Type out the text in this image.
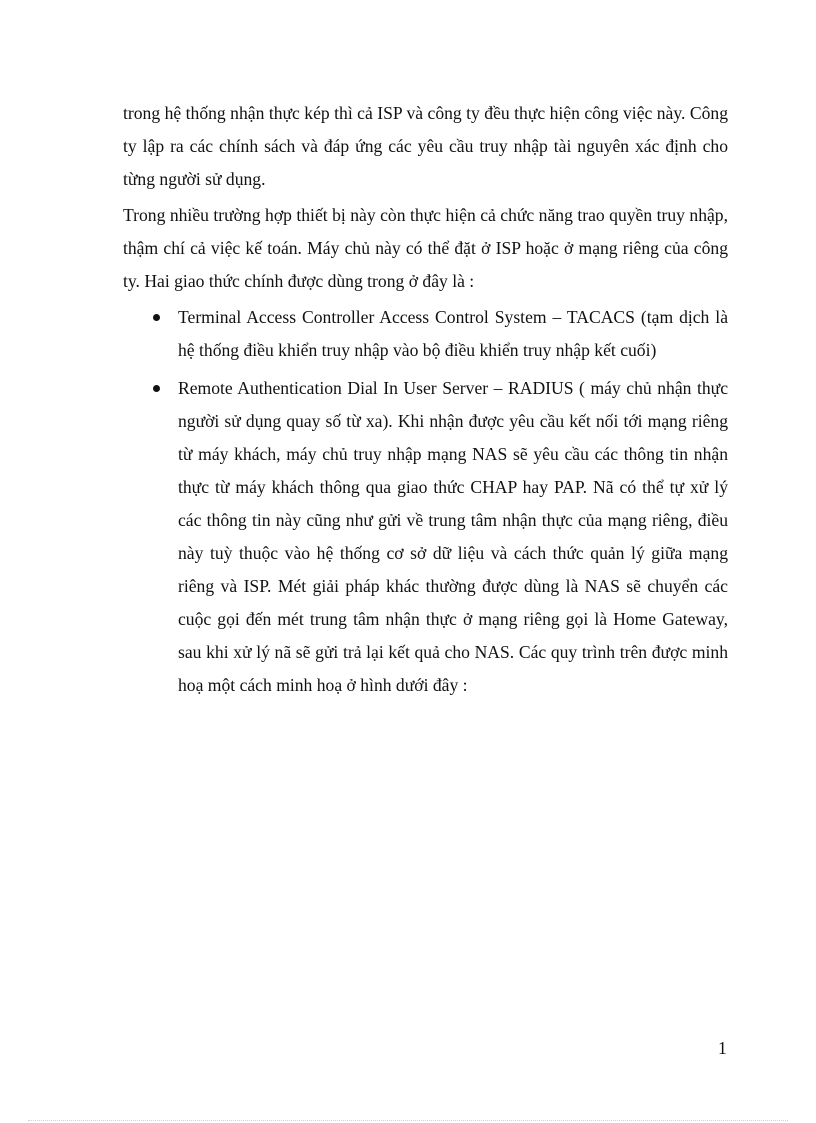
trong hệ thống nhận thực kép thì cả ISP và công ty đều thực hiện công việc này. Công ty lập ra các chính sách và đáp ứng các yêu cầu truy nhập tài nguyên xác định cho từng người sử dụng.

Trong nhiều trường hợp thiết bị này còn thực hiện cả chức năng trao quyền truy nhập, thậm chí cả việc kế toán. Máy chủ này có thể đặt ở ISP hoặc ở mạng riêng của công ty. Hai giao thức chính được dùng trong ở đây là :

Terminal Access Controller Access Control System – TACACS (tạm dịch là hệ thống điều khiển truy nhập vào bộ điều khiển truy nhập kết cuối)
Remote Authentication Dial In User Server – RADIUS ( máy chủ nhận thực người sử dụng quay số từ xa). Khi nhận được yêu cầu kết nối tới mạng riêng từ máy khách, máy chủ truy nhập mạng NAS sẽ yêu cầu các thông tin nhận thực từ máy khách thông qua giao thức CHAP hay PAP. Nã có thể tự xử lý các thông tin này cũng như gửi về trung tâm nhận thực của mạng riêng, điều này tuỳ thuộc vào hệ thống cơ sở dữ liệu và cách thức quản lý giữa mạng riêng và ISP. Mét giải pháp khác thường được dùng là NAS sẽ chuyển các cuộc gọi đến mét trung tâm nhận thực ở mạng riêng gọi là Home Gateway, sau khi xử lý nã sẽ gửi trả lại kết quả cho NAS. Các quy trình trên được minh hoạ một cách minh hoạ ở hình dưới đây :
1
